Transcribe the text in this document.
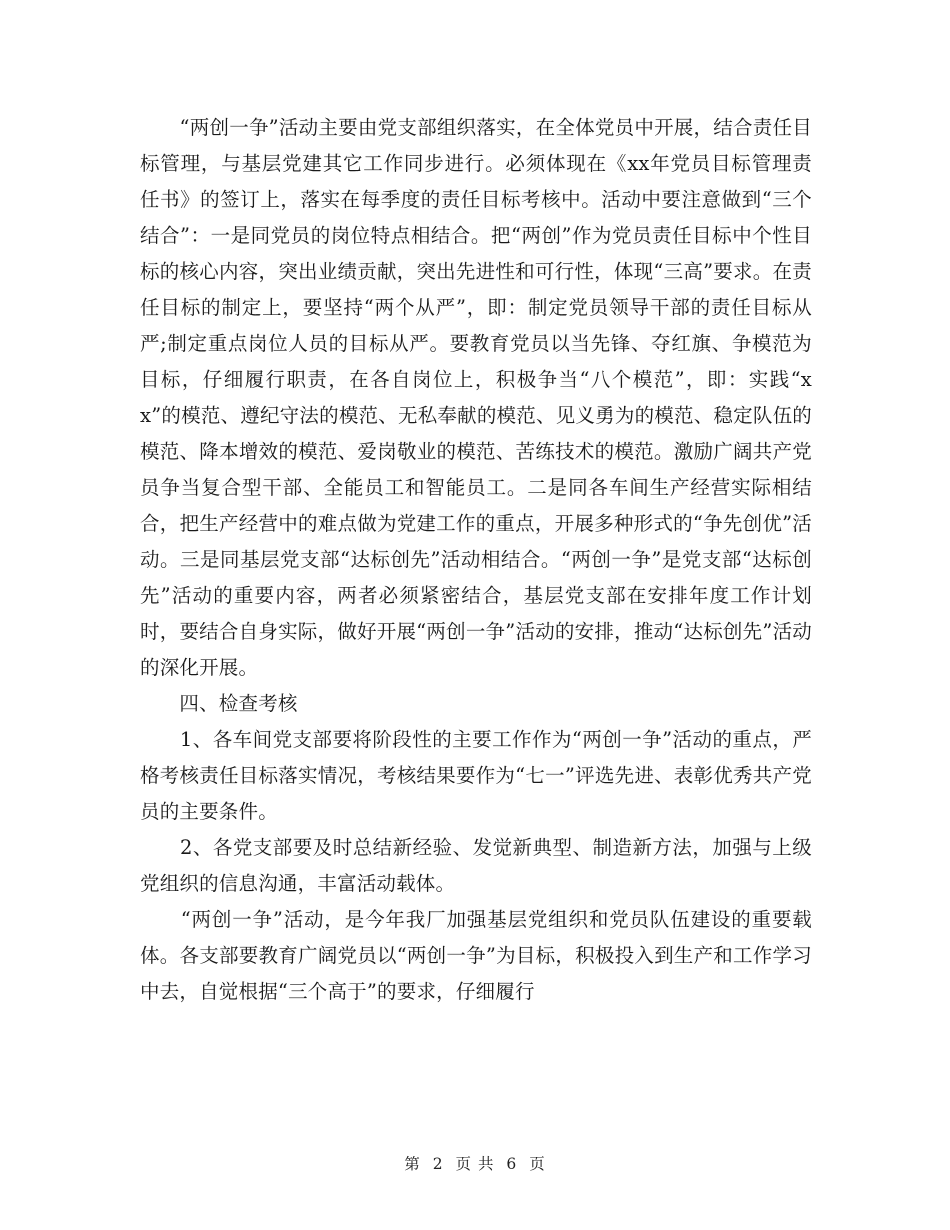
　　“两创一争”活动主要由党支部组织落实，在全体党员中开展，结合责任目标管理，与基层党建其它工作同步进行。必须体现在《xx年党员目标管理责任书》的签订上，落实在每季度的责任目标考核中。活动中要注意做到“三个结合”：一是同党员的岗位特点相结合。把“两创”作为党员责任目标中个性目标的核心内容，突出业绩贡献，突出先进性和可行性，体现“三高”要求。在责任目标的制定上，要坚持“两个从严”，即：制定党员领导干部的责任目标从严;制定重点岗位人员的目标从严。要教育党员以当先锋、夺红旗、争模范为目标，仔细履行职责，在各自岗位上，积极争当“八个模范”，即：实践“xx”的模范、遵纪守法的模范、无私奉献的模范、见义勇为的模范、稳定队伍的模范、降本增效的模范、爱岗敬业的模范、苦练技术的模范。激励广阔共产党员争当复合型干部、全能员工和智能员工。二是同各车间生产经营实际相结合，把生产经营中的难点做为党建工作的重点，开展多种形式的“争先创优”活动。三是同基层党支部“达标创先”活动相结合。“两创一争”是党支部“达标创先”活动的重要内容，两者必须紧密结合，基层党支部在安排年度工作计划时，要结合自身实际，做好开展“两创一争”活动的安排，推动“达标创先”活动的深化开展。

　　四、检查考核

　　1、各车间党支部要将阶段性的主要工作作为“两创一争”活动的重点，严格考核责任目标落实情况，考核结果要作为“七一”评选先进、表彰优秀共产党员的主要条件。

　　2、各党支部要及时总结新经验、发觉新典型、制造新方法，加强与上级党组织的信息沟通，丰富活动载体。

　　“两创一争”活动，是今年我厂加强基层党组织和党员队伍建设的重要载体。各支部要教育广阔党员以“两创一争”为目标，积极投入到生产和工作学习中去，自觉根据“三个高于”的要求，仔细履行

第 2 页 共 6 页
